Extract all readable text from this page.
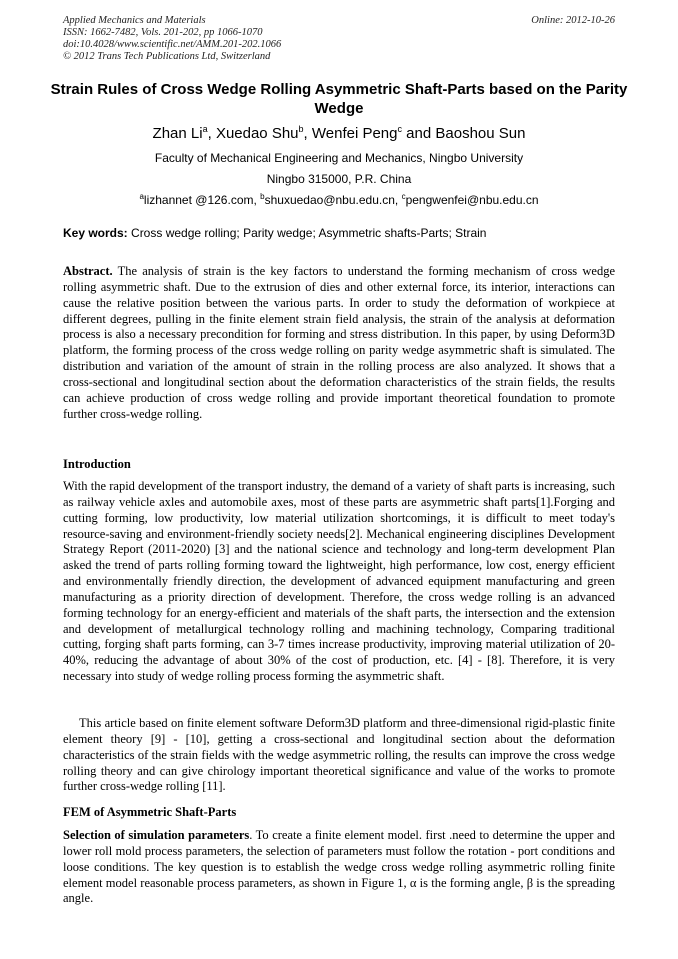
Applied Mechanics and Materials
ISSN: 1662-7482, Vols. 201-202, pp 1066-1070
doi:10.4028/www.scientific.net/AMM.201-202.1066
© 2012 Trans Tech Publications Ltd, Switzerland
Online: 2012-10-26
Strain Rules of Cross Wedge Rolling Asymmetric Shaft-Parts based on the Parity Wedge
Zhan Li$^a$, Xuedao Shu$^b$, Wenfei Peng$^c$ and Baoshou Sun
Faculty of Mechanical Engineering and Mechanics, Ningbo University
Ningbo 315000, P.R. China
$^a$lizhannet @126.com, $^b$shuxuedao@nbu.edu.cn, $^c$pengwenfei@nbu.edu.cn
Key words: Cross wedge rolling; Parity wedge; Asymmetric shafts-Parts; Strain
Abstract. The analysis of strain is the key factors to understand the forming mechanism of cross wedge rolling asymmetric shaft. Due to the extrusion of dies and other external force, its interior, interactions can cause the relative position between the various parts. In order to study the deformation of workpiece at different degrees, pulling in the finite element strain field analysis, the strain of the analysis at deformation process is also a necessary precondition for forming and stress distribution. In this paper, by using Deform3D platform, the forming process of the cross wedge rolling on parity wedge asymmetric shaft is simulated. The distribution and variation of the amount of strain in the rolling process are also analyzed. It shows that a cross-sectional and longitudinal section about the deformation characteristics of the strain fields, the results can achieve production of cross wedge rolling and provide important theoretical foundation to promote further cross-wedge rolling.
Introduction
With the rapid development of the transport industry, the demand of a variety of shaft parts is increasing, such as railway vehicle axles and automobile axes, most of these parts are asymmetric shaft parts[1].Forging and cutting forming, low productivity, low material utilization shortcomings, it is difficult to meet today's resource-saving and environment-friendly society needs[2]. Mechanical engineering disciplines Development Strategy Report (2011-2020) [3] and the national science and technology and long-term development Plan asked the trend of parts rolling forming toward the lightweight, high performance, low cost, energy efficient and environmentally friendly direction, the development of advanced equipment manufacturing and green manufacturing as a priority direction of development. Therefore, the cross wedge rolling is an advanced forming technology for an energy-efficient and materials of the shaft parts, the intersection and the extension and development of metallurgical technology rolling and machining technology, Comparing traditional cutting, forging shaft parts forming, can 3-7 times increase productivity, improving material utilization of 20-40%, reducing the advantage of about 30% of the cost of production, etc. [4] - [8]. Therefore, it is very necessary into study of wedge rolling process forming the asymmetric shaft.
This article based on finite element software Deform3D platform and three-dimensional rigid-plastic finite element theory [9] - [10], getting a cross-sectional and longitudinal section about the deformation characteristics of the strain fields with the wedge asymmetric rolling, the results can improve the cross wedge rolling theory and can give chirology important theoretical significance and value of the works to promote further cross-wedge rolling [11].
FEM of Asymmetric Shaft-Parts
Selection of simulation parameters. To create a finite element model. first .need to determine the upper and lower roll mold process parameters, the selection of parameters must follow the rotation - port conditions and loose conditions. The key question is to establish the wedge cross wedge rolling asymmetric rolling finite element model reasonable process parameters, as shown in Figure 1, α is the forming angle, β is the spreading angle.
